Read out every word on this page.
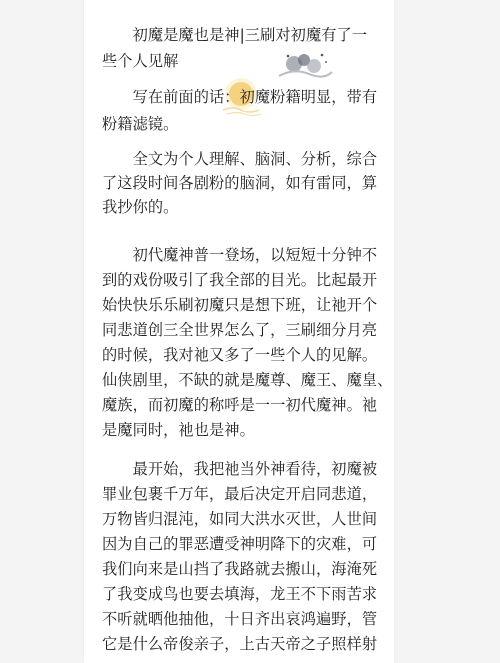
　　初魔是魔也是神|三刷对初魔有了一
些个人见解
　　写在前面的话：初魔粉籍明显，带有
粉籍滤镜。
　　全文为个人理解、脑洞、分析，综合
了这段时间各剧粉的脑洞，如有雷同，算
我抄你的。
　　初代魔神普一登场，以短短十分钟不
到的戏份吸引了我全部的目光。比起最开
始快快乐乐刷初魔只是想下班，让祂开个
同悲道创三全世界怎么了，三刷细分月亮
的时候，我对祂又多了一些个人的见解。
仙侠剧里，不缺的就是魔尊、魔王、魔皇、
魔族，而初魔的称呼是一一初代魔神。祂
是魔同时，祂也是神。
　　最开始，我把祂当外神看待，初魔被
罪业包裹千万年，最后决定开启同悲道，
万物皆归混沌，如同大洪水灭世，人世间
因为自己的罪恶遭受神明降下的灾难，可
我们向来是山挡了我路就去搬山，海淹死
了我变成鸟也要去填海，龙王不下雨苦求
不听就晒他抽他，十日齐出哀鸿遍野，管
它是什么帝俊亲子，上古天帝之子照样射
